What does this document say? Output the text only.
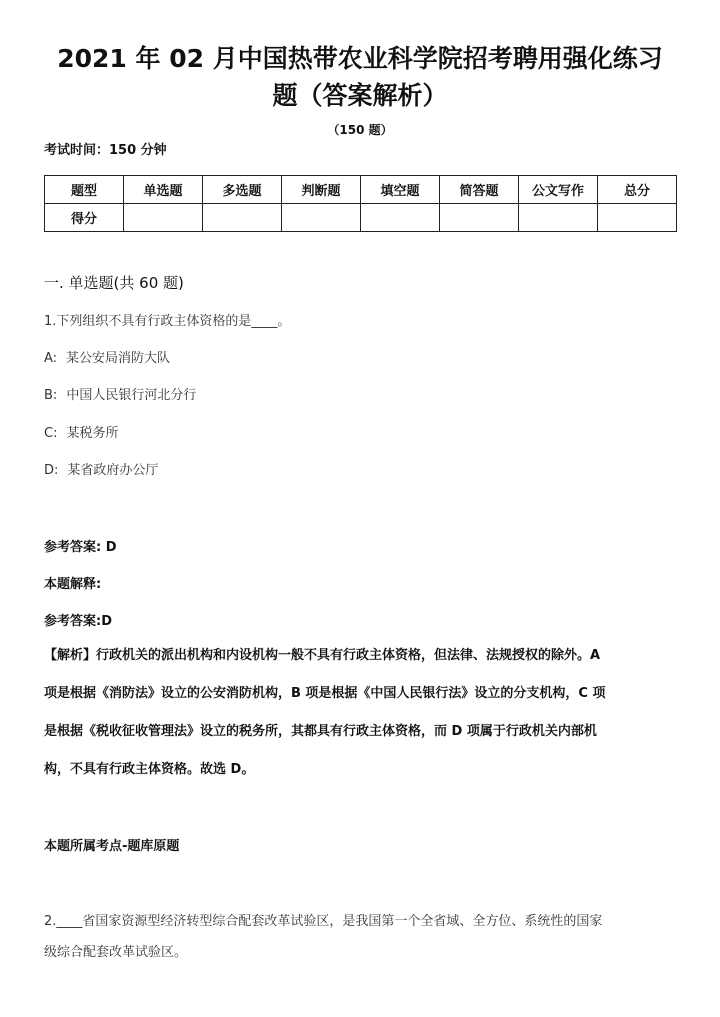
2021 年 02 月中国热带农业科学院招考聘用强化练习
题（答案解析）
（150 题）
考试时间：150 分钟
题型	单选题	多选题	判断题	填空题	简答题	公文写作	总分
得分							
一. 单选题(共 60 题)
1.下列组织不具有行政主体资格的是____。
A: 某公安局消防大队
B: 中国人民银行河北分行
C: 某税务所
D: 某省政府办公厅
参考答案: D
本题解释:
参考答案:D
【解析】行政机关的派出机构和内设机构一般不具有行政主体资格，但法律、法规授权的除外。A
项是根据《消防法》设立的公安消防机构，B 项是根据《中国人民银行法》设立的分支机构，C 项
是根据《税收征收管理法》设立的税务所，其都具有行政主体资格，而 D 项属于行政机关内部机
构，不具有行政主体资格。故选 D。
本题所属考点-题库原题
2.____省国家资源型经济转型综合配套改革试验区，是我国第一个全省域、全方位、系统性的国家
级综合配套改革试验区。
